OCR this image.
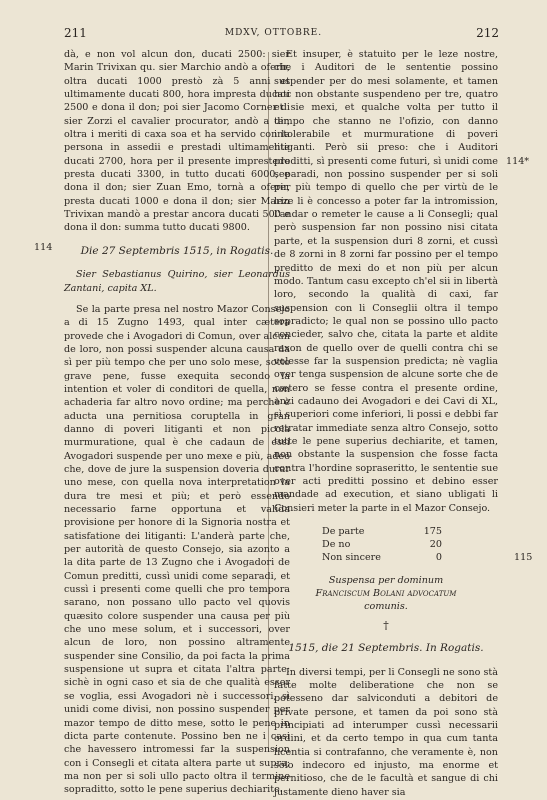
211	MDXV, OTTOBRE.	212
114
114*
115

dà, e non vol alcun don, ducati 2500: sier Marin Trivixan qu. sier Marchio andò a oferir, oltra ducati 1000 prestò zà 5 anni et ultimamente ducati 800, hora impresta ducati 2500 e dona il don; poi sier Jacomo Corner di sier Zorzi el cavalier procurator, andò a dir, oltra i meriti di caxa soa et ha servido con la persona in assedii e prestadi ultimamente ducati 2700, hora per il presente imprestedo presta ducati 3300, in tutto ducati 6000, e dona il don; sier Zuan Emo, tornà a oferir, presta ducati 1000 e dona il don; sier Marin Trivixan mandò a prestar ancora ducati 500 e dona il don: summa tutto ducati 9800.

Die 27 Septembris 1515, in Rogatis.

Sier Sebastianus Quirino, sier Leonardus Zantani, capita XL.

Se la parte presa nel nostro Mazor Consejo a di 15 Zugno 1493, qual inter cætera provede che i Avogadori di Comun, over alcun de loro, non possi suspender alcuna causa da sì per più tempo che per uno solo mese, sotto grave pene, fusse exequita secondo la intention et voler di conditori de quella, non achaderia far altro novo ordine; ma perchè è aducta una pernitiosa coruptella in gran danno di poveri litiganti et non picola murmuratione, qual è che cadaun de essi Avogadori suspende per uno mexe e più, adeo che, dove de jure la suspension doveria durar uno mese, con quella nova interpretation la dura tre mesi et più; et però essendo necessario farne opportuna et valida provisione per honore di la Signoria nostra et satisfatione dei litiganti: L'anderà parte che, per autorità de questo Consejo, sia azonto a la dita parte de 13 Zugno che i Avogadori de Comun preditti, cussì unidi come separadi, et cussì i presenti come quelli che pro tempora sarano, non possano ullo pacto vel quovis quæsito colore suspender una causa per più che uno mese solum, et i successori, over alcun de loro, non possino altramente suspender sine Consilio, da poi facta la prima suspensione ut supra et citata l'altra parte; sichè in ogni caso et sia de che qualità esser se voglia, essi Avogadori nè i successori, sì unidi come divisi, non possino suspender per mazor tempo de ditto mese, sotto le pene in dicta parte contenute. Possino ben ne i casi che havessero intromessi far la suspension con i Consegli et citata altera parte ut supra; ma non per si soli ullo pacto oltra il termine sopraditto, sotto le pene superius dechiarite.

Et insuper, è statuito per le leze nostre, che i Auditori de le sententie possino suspender per do mesi solamente, et tamen hoc non obstante suspendeno per tre, quatro et sie mexi, et qualche volta per tutto il tempo che stanno ne l'ofizio, con danno intolerabile et murmuratione di poveri litiganti. Però sii preso: che i Auditori preditti, sì presenti come futuri, sì unidi come separadi, non possino suspender per si soli per più tempo di quello che per virtù de le leze li è concesso a poter far la intromission, l'andar o remeter le cause a li Consegli; qual però suspension far non possino nisi citata parte, et la suspension duri 8 zorni, et cussì de 8 zorni in 8 zorni far possino per el tempo preditto de mexi do et non più per alcun modo. Tantum casu excepto ch'el sii in libertà loro, secondo la qualità di caxi, far suspension con li Conseglii oltra il tempo sopradicto; le qual non se possino ullo pacto concieder, salvo che, citata la parte et aldite raxon de quello over de quelli contra chi se volesse far la suspension predicta; nè vaglia over tenga suspension de alcune sorte che de cætero se fesse contra el presente ordine, anzi cadauno dei Avogadori e dei Cavi di XL, sì superiori come inferiori, li possi e debbi far retratar immediate senza altro Consejo, sotto tutte le pene superius dechiarite, et tamen, non obstante la suspension che fosse facta contra l'hordine sopraseritto, le sententie sue over acti preditti possino et debino esser mandade ad execution, et siano ubligati li Consieri meter la parte in el Mazor Consejo.

De parte	175
De no	20
Non sincere	0
Suspensa per dominum
Franciscum Bolani advocatum
comunis.

†

1515, die 21 Septembris. In Rogatis.

In diversi tempi, per li Consegli ne sono stà fatte molte deliberatione che non se potesseno dar salviconduti a debitori de private persone, et tamen da poi sono stà principiati ad interumper cussì necessarii ordini, et da certo tempo in qua cum tanta licentia si contrafanno, che veramente è, non solo indecoro ed injusto, ma enorme et pernitioso, che de le facultà et sangue di chi justamente dieno haver sia
